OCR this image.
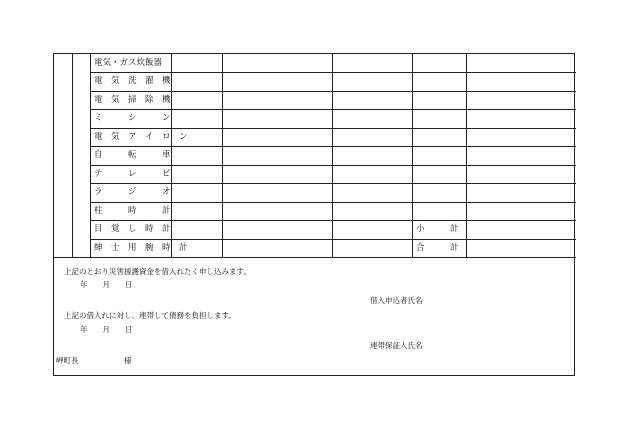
電気・ガス炊飯器
電　気　洗　濯　機
電　気　掃　除　機
ミ　　　シ　　　ン
電　気　ア　イ　ロ　ン
自　　　転　　　車
テ　　　レ　　　ビ
ラ　　　ジ　　　オ
柱　　　時　　　計
目　覚　し　時　計
紳　士　用　腕　時　計
小　　　計
合　　　計
上記のとおり災害援護資金を借入れたく申し込みます。
年　　月　　日
借入申込者氏名
上記の借入れに対し、連帯して債務を負担します。
年　　月　　日
連帯保証人氏名
岬町長	様
